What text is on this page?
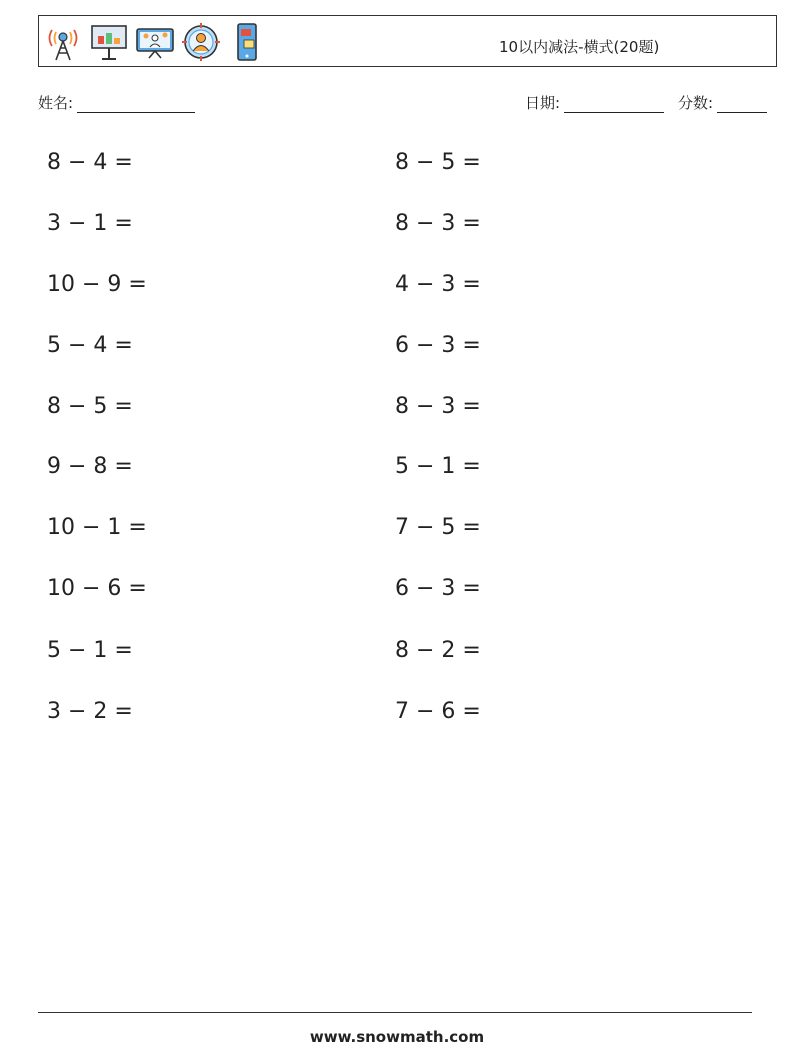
10以内减法-横式(20题)
姓名:	日期:	分数:
8 − 4 =
3 − 1 =
10 − 9 =
5 − 4 =
8 − 5 =
9 − 8 =
10 − 1 =
10 − 6 =
5 − 1 =
3 − 2 =
8 − 5 =
8 − 3 =
4 − 3 =
6 − 3 =
8 − 3 =
5 − 1 =
7 − 5 =
6 − 3 =
8 − 2 =
7 − 6 =
www.snowmath.com
